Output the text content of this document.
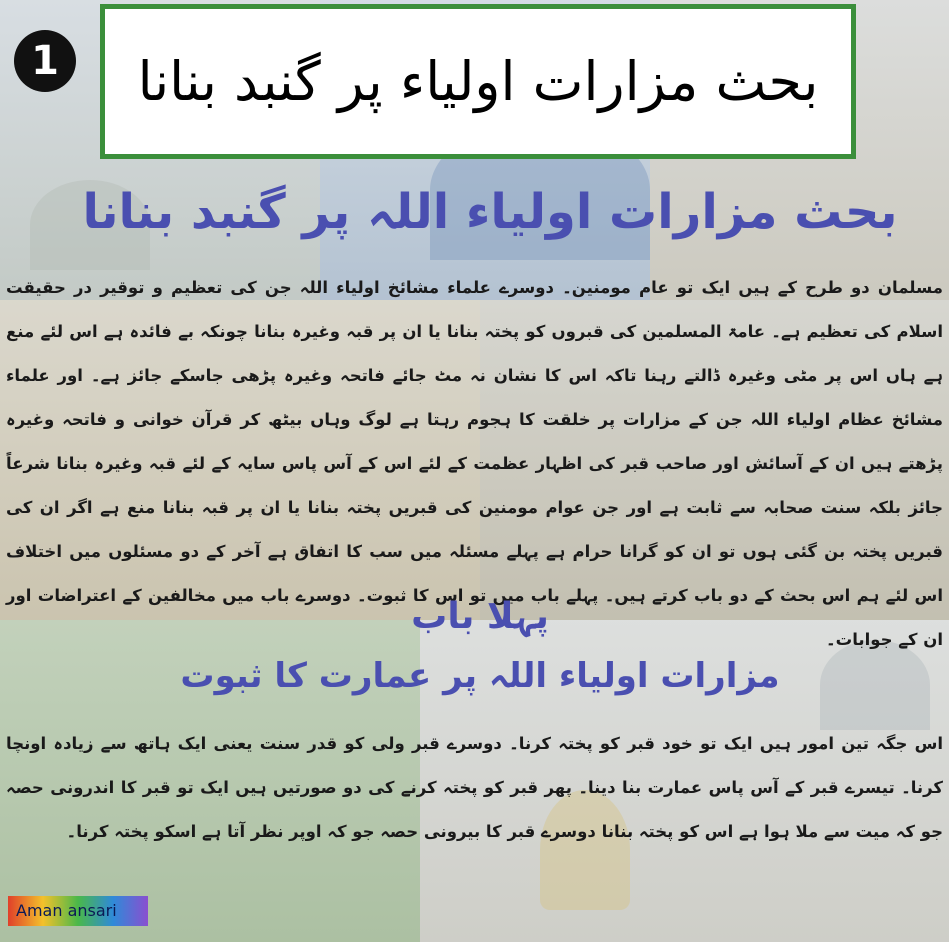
1	بحث مزارات اولیاء پر گنبد بنانا
بحث مزارات اولیاء اللہ پر گنبد بنانا
مسلمان دو طرح کے ہیں ایک تو عام مومنین۔ دوسرے علماء مشائخ اولیاء اللہ جن کی تعظیم و توقیر در حقیقت اسلام کی تعظیم ہے۔ عامۃ المسلمین کی قبروں کو پختہ بنانا یا ان پر قبہ وغیرہ بنانا چونکہ بے فائدہ ہے اس لئے منع ہے ہاں اس پر مٹی وغیرہ ڈالتے رہنا تاکہ اس کا نشان نہ مٹ جائے فاتحہ وغیرہ پڑھی جاسکے جائز ہے۔ اور علماء مشائخ عظام اولیاء اللہ جن کے مزارات پر خلقت کا ہجوم رہتا ہے لوگ وہاں بیٹھ کر قرآن خوانی و فاتحہ وغیرہ پڑھتے ہیں ان کے آسائش اور صاحب قبر کی اظہار عظمت کے لئے اس کے آس پاس سایہ کے لئے قبہ وغیرہ بنانا شرعاً جائز بلکہ سنت صحابہ سے ثابت ہے اور جن عوام مومنین کی قبریں پختہ بنانا یا ان پر قبہ بنانا منع ہے اگر ان کی قبریں پختہ بن گئی ہوں تو ان کو گرانا حرام ہے پہلے مسئلہ میں سب کا اتفاق ہے آخر کے دو مسئلوں میں اختلاف اس لئے ہم اس بحث کے دو باب کرتے ہیں۔ پہلے باب میں تو اس کا ثبوت۔ دوسرے باب میں مخالفین کے اعتراضات اور ان کے جوابات۔
پہلا باب
مزارات اولیاء اللہ پر عمارت کا ثبوت
اس جگہ تین امور ہیں ایک تو خود قبر کو پختہ کرنا۔ دوسرے قبر ولی کو قدر سنت یعنی ایک ہاتھ سے زیادہ اونچا کرنا۔ تیسرے قبر کے آس پاس عمارت بنا دینا۔ پھر قبر کو پختہ کرنے کی دو صورتیں ہیں ایک تو قبر کا اندرونی حصہ جو کہ میت سے ملا ہوا ہے اس کو پختہ بنانا دوسرے قبر کا بیرونی حصہ جو کہ اوپر نظر آتا ہے اسکو پختہ کرنا۔
Aman ansari
